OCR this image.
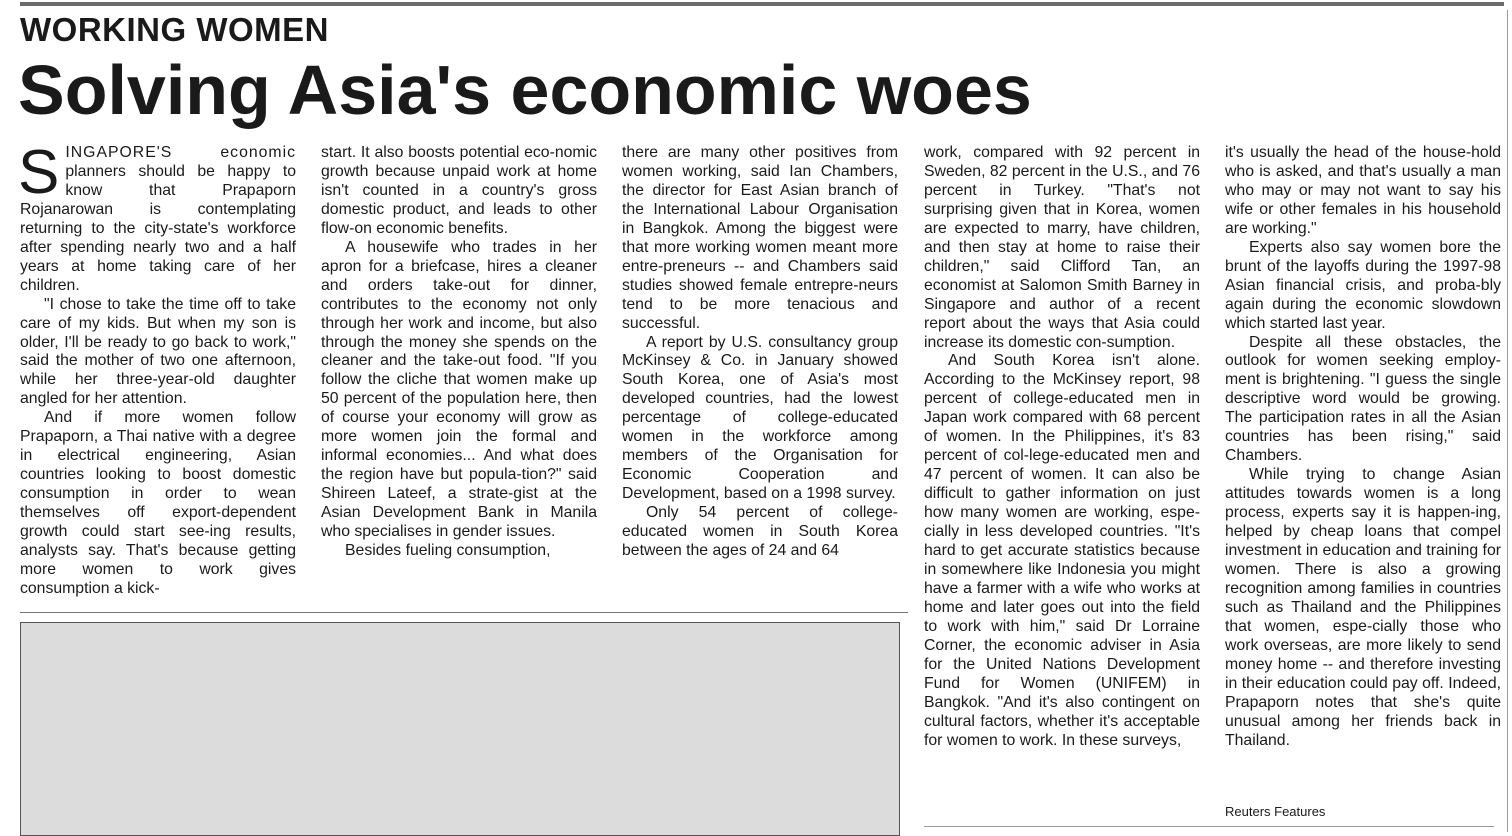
WORKING WOMEN
Solving Asia's economic woes

SINGAPORE'S economic planners should be happy to know that Prapaporn Rojanarowan is contemplating returning to the city-state's workforce after spending nearly two and a half years at home taking care of her children.

"I chose to take the time off to take care of my kids. But when my son is older, I'll be ready to go back to work," said the mother of two one afternoon, while her three-year-old daughter angled for her attention.

And if more women follow Prapaporn, a Thai native with a degree in electrical engineering, Asian countries looking to boost domestic consumption in order to wean themselves off export-dependent growth could start see-ing results, analysts say. That's because getting more women to work gives consumption a kick-

start. It also boosts potential eco-nomic growth because unpaid work at home isn't counted in a country's gross domestic product, and leads to other flow-on economic benefits.

A housewife who trades in her apron for a briefcase, hires a cleaner and orders take-out for dinner, contributes to the economy not only through her work and income, but also through the money she spends on the cleaner and the take-out food. "If you follow the cliche that women make up 50 percent of the population here, then of course your economy will grow as more women join the formal and informal economies... And what does the region have but popula-tion?" said Shireen Lateef, a strate-gist at the Asian Development Bank in Manila who specialises in gender issues.

Besides fueling consumption,

there are many other positives from women working, said Ian Chambers, the director for East Asian branch of the International Labour Organisation in Bangkok. Among the biggest were that more working women meant more entre-preneurs -- and Chambers said studies showed female entrepre-neurs tend to be more tenacious and successful.

A report by U.S. consultancy group McKinsey & Co. in January showed South Korea, one of Asia's most developed countries, had the lowest percentage of college-educated women in the workforce among members of the Organisation for Economic Cooperation and Development, based on a 1998 survey.

Only 54 percent of college-educated women in South Korea between the ages of 24 and 64

work, compared with 92 percent in Sweden, 82 percent in the U.S., and 76 percent in Turkey. "That's not surprising given that in Korea, women are expected to marry, have children, and then stay at home to raise their children," said Clifford Tan, an economist at Salomon Smith Barney in Singapore and author of a recent report about the ways that Asia could increase its domestic con-sumption.

And South Korea isn't alone. According to the McKinsey report, 98 percent of college-educated men in Japan work compared with 68 percent of women. In the Philippines, it's 83 percent of col-lege-educated men and 47 percent of women. It can also be difficult to gather information on just how many women are working, espe-cially in less developed countries. "It's hard to get accurate statistics because in somewhere like Indonesia you might have a farmer with a wife who works at home and later goes out into the field to work with him," said Dr Lorraine Corner, the economic adviser in Asia for the United Nations Development Fund for Women (UNIFEM) in Bangkok. "And it's also contingent on cultural factors, whether it's acceptable for women to work. In these surveys,

it's usually the head of the house-hold who is asked, and that's usually a man who may or may not want to say his wife or other females in his household are working."

Experts also say women bore the brunt of the layoffs during the 1997-98 Asian financial crisis, and proba-bly again during the economic slowdown which started last year.

Despite all these obstacles, the outlook for women seeking employ-ment is brightening. "I guess the single descriptive word would be growing. The participation rates in all the Asian countries has been rising," said Chambers.

While trying to change Asian attitudes towards women is a long process, experts say it is happen-ing, helped by cheap loans that compel investment in education and training for women. There is also a growing recognition among families in countries such as Thailand and the Philippines that women, espe-cially those who work overseas, are more likely to send money home -- and therefore investing in their education could pay off. Indeed, Prapaporn notes that she's quite unusual among her friends back in Thailand.

Reuters Features
